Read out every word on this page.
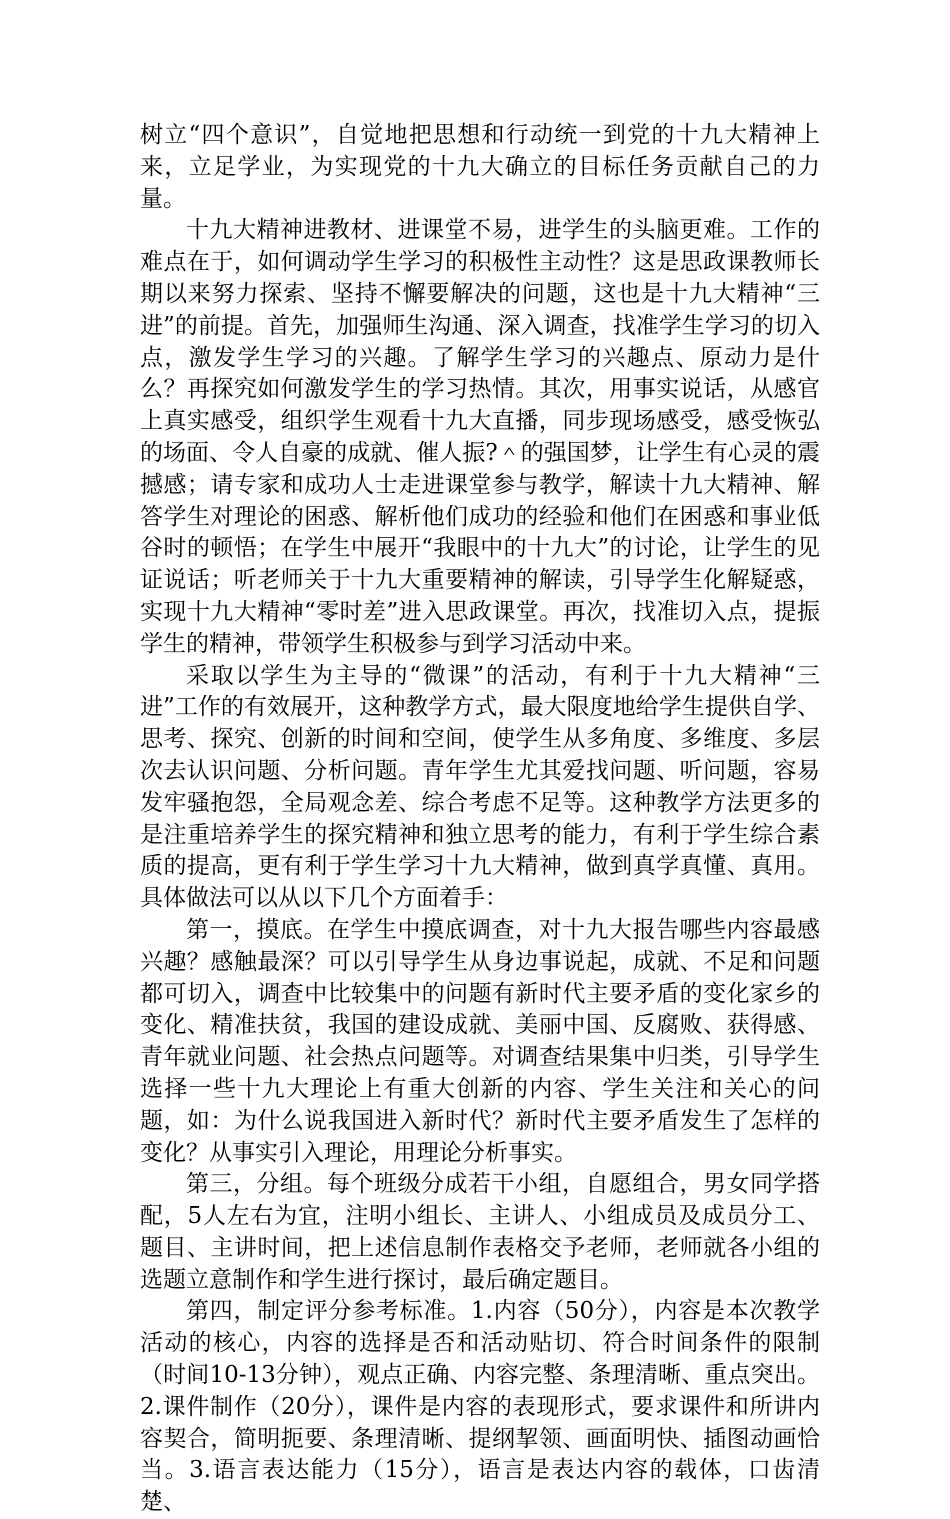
树立“四个意识”，自觉地把思想和行动统一到党的十九大精神上来，立足学业，为实现党的十九大确立的目标任务贡献自己的力量。

十九大精神进教材、进课堂不易，进学生的头脑更难。工作的难点在于，如何调动学生学习的积极性主动性？这是思政课教师长期以来努力探索、坚持不懈要解决的问题，这也是十九大精神“三进”的前提。首先，加强师生沟通、深入调查，找准学生学习的切入点，激发学生学习的兴趣。了解学生学习的兴趣点、原动力是什么？再探究如何激发学生的学习热情。其次，用事实说话，从感官上真实感受，组织学生观看十九大直播，同步现场感受，感受恢弘的场面、令人自豪的成就、催人振?＾的强国梦，让学生有心灵的震撼感；请专家和成功人士走进课堂参与教学，解读十九大精神、解答学生对理论的困惑、解析他们成功的经验和他们在困惑和事业低谷时的顿悟；在学生中展开“我眼中的十九大”的讨论，让学生的见证说话；听老师关于十九大重要精神的解读，引导学生化解疑惑，实现十九大精神“零时差”进入思政课堂。再次，找准切入点，提振学生的精神，带领学生积极参与到学习活动中来。

采取以学生为主导的“微课”的活动，有利于十九大精神“三进”工作的有效展开，这种教学方式，最大限度地给学生提供自学、思考、探究、创新的时间和空间，使学生从多角度、多维度、多层次去认识问题、分析问题。青年学生尤其爱找问题、听问题，容易发牢骚抱怨，全局观念差、综合考虑不足等。这种教学方法更多的是注重培养学生的探究精神和独立思考的能力，有利于学生综合素质的提高，更有利于学生学习十九大精神，做到真学真懂、真用。具体做法可以从以下几个方面着手：

第一，摸底。在学生中摸底调查，对十九大报告哪些内容最感兴趣？感触最深？可以引导学生从身边事说起，成就、不足和问题都可切入，调查中比较集中的问题有新时代主要矛盾的变化家乡的变化、精准扶贫，我国的建设成就、美丽中国、反腐败、获得感、青年就业问题、社会热点问题等。对调查结果集中归类，引导学生选择一些十九大理论上有重大创新的内容、学生关注和关心的问题，如：为什么说我国进入新时代？新时代主要矛盾发生了怎样的变化？从事实引入理论，用理论分析事实。

第三，分组。每个班级分成若干小组，自愿组合，男女同学搭配，5人左右为宜，注明小组长、主讲人、小组成员及成员分工、题目、主讲时间，把上述信息制作表格交予老师，老师就各小组的选题立意制作和学生进行探讨，最后确定题目。

第四，制定评分参考标准。1.内容（50分），内容是本次教学活动的核心，内容的选择是否和活动贴切、符合时间条件的限制（时间10-13分钟），观点正确、内容完整、条理清晰、重点突出。2.课件制作（20分），课件是内容的表现形式，要求课件和所讲内容契合，简明扼要、条理清晰、提纲挈领、画面明快、插图动画恰当。3.语言表达能力（15分），语言是表达内容的载体，口齿清楚、
